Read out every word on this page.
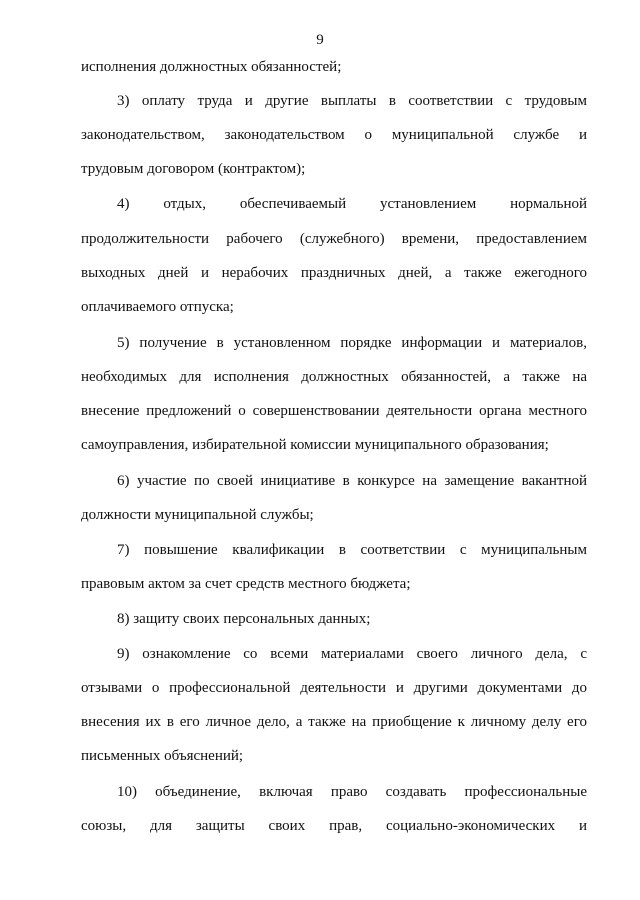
9
исполнения должностных обязанностей;
3) оплату труда и другие выплаты в соответствии с трудовым
законодательством, законодательством о муниципальной службе и
трудовым договором (контрактом);
4) отдых, обеспечиваемый установлением нормальной
продолжительности рабочего (служебного) времени, предоставлением
выходных дней и нерабочих праздничных дней, а также ежегодного
оплачиваемого отпуска;
5) получение в установленном порядке информации и материалов,
необходимых для исполнения должностных обязанностей, а также на
внесение предложений о совершенствовании деятельности органа местного
самоуправления, избирательной комиссии муниципального образования;
6) участие по своей инициативе в конкурсе на замещение вакантной
должности муниципальной службы;
7) повышение квалификации в соответствии с муниципальным
правовым актом за счет средств местного бюджета;
8) защиту своих персональных данных;
9) ознакомление со всеми материалами своего личного дела, с
отзывами о профессиональной деятельности и другими документами до
внесения их в его личное дело, а также на приобщение к личному делу его
письменных объяснений;
10) объединение, включая право создавать профессиональные
союзы, для защиты своих прав, социально-экономических и
